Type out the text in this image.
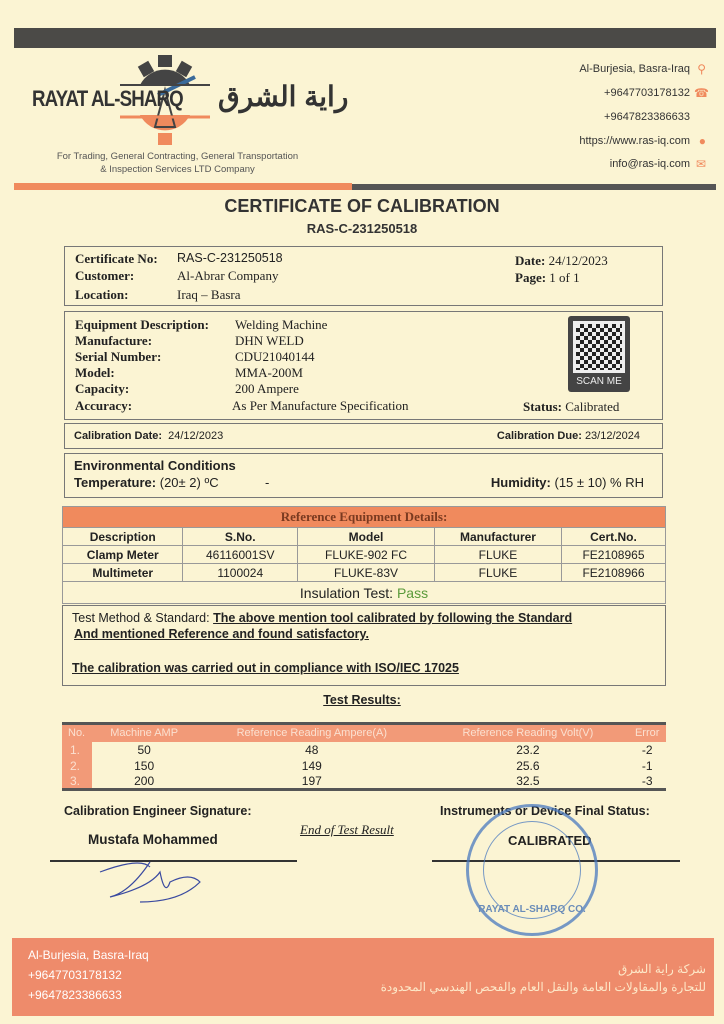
RAYAT AL-SHARQ راية الشرق
For Trading, General Contracting, General Transportation
& Inspection Services LTD Company
Al-Burjesia, Basra-Iraq ⚲
+9647703178132 ☎
+9647823386633
https://www.ras-iq.com ●
info@ras-iq.com ✉
CERTIFICATE OF CALIBRATION
RAS-C-231250518
Certificate No: RAS-C-231250518
Customer:	Al-Abrar Company
Location:	Iraq – Basra
Date: 24/12/2023
Page: 1 of 1
Equipment Description: Welding Machine
Manufacture:	DHN WELD
Serial Number:	CDU21040144
Model:	MMA-200M
Capacity:	200 Ampere
Accuracy:	As Per Manufacture Specification
SCAN ME
Status: Calibrated
Calibration Date: 24/12/2023	Calibration Due: 23/12/2024
Environmental Conditions
Temperature: (20± 2) ºC	-	Humidity: (15 ± 10) % RH
Reference Equipment Details:				
Description	S.No.	Model	Manufacturer	Cert.No.
Clamp Meter	46116001SV	FLUKE-902 FC	FLUKE	FE2108965
Multimeter	1100024	FLUKE-83V	FLUKE	FE2108966
Insulation Test: Pass				
Test Method & Standard: The above mention tool calibrated by following the Standard
And mentioned Reference and found satisfactory.
The calibration was carried out in compliance with ISO/IEC 17025
Test Results:
No.	Machine AMP	Reference Reading Ampere(A)	Reference Reading Volt(V)	Error
1.	50	48	23.2	-2
2.	150	149	25.6	-1
3.	200	197	32.5	-3
Calibration Engineer Signature:
Mustafa Mohammed
End of Test Result
Instruments or Device Final Status:
CALIBRATED
RAYAT AL-SHARQ CO.
Al-Burjesia, Basra-Iraq
+9647703178132
+9647823386633
شركة راية الشرق
للتجارة والمقاولات العامة والنقل العام والفحص الهندسي المحدودة
